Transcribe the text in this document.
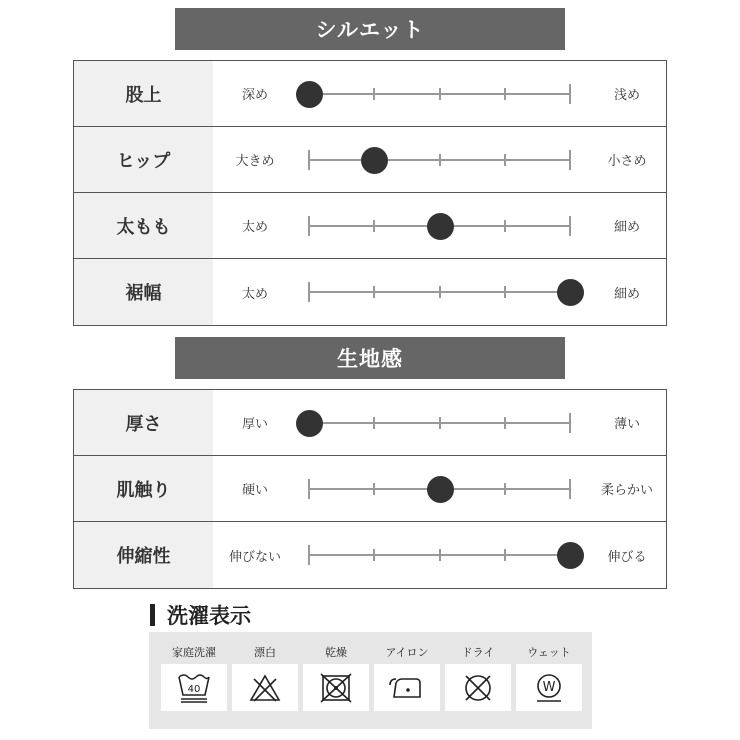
シルエット
股上	深め	浅め
ヒップ	大きめ	小さめ
太もも	太め	細め
裾幅	太め	細め
生地感
厚さ	厚い	薄い
肌触り	硬い	柔らかい
伸縮性	伸びない	伸びる
洗濯表示
家庭洗濯
40
漂白	乾燥	アイロン	ドライ	ウェット
W
